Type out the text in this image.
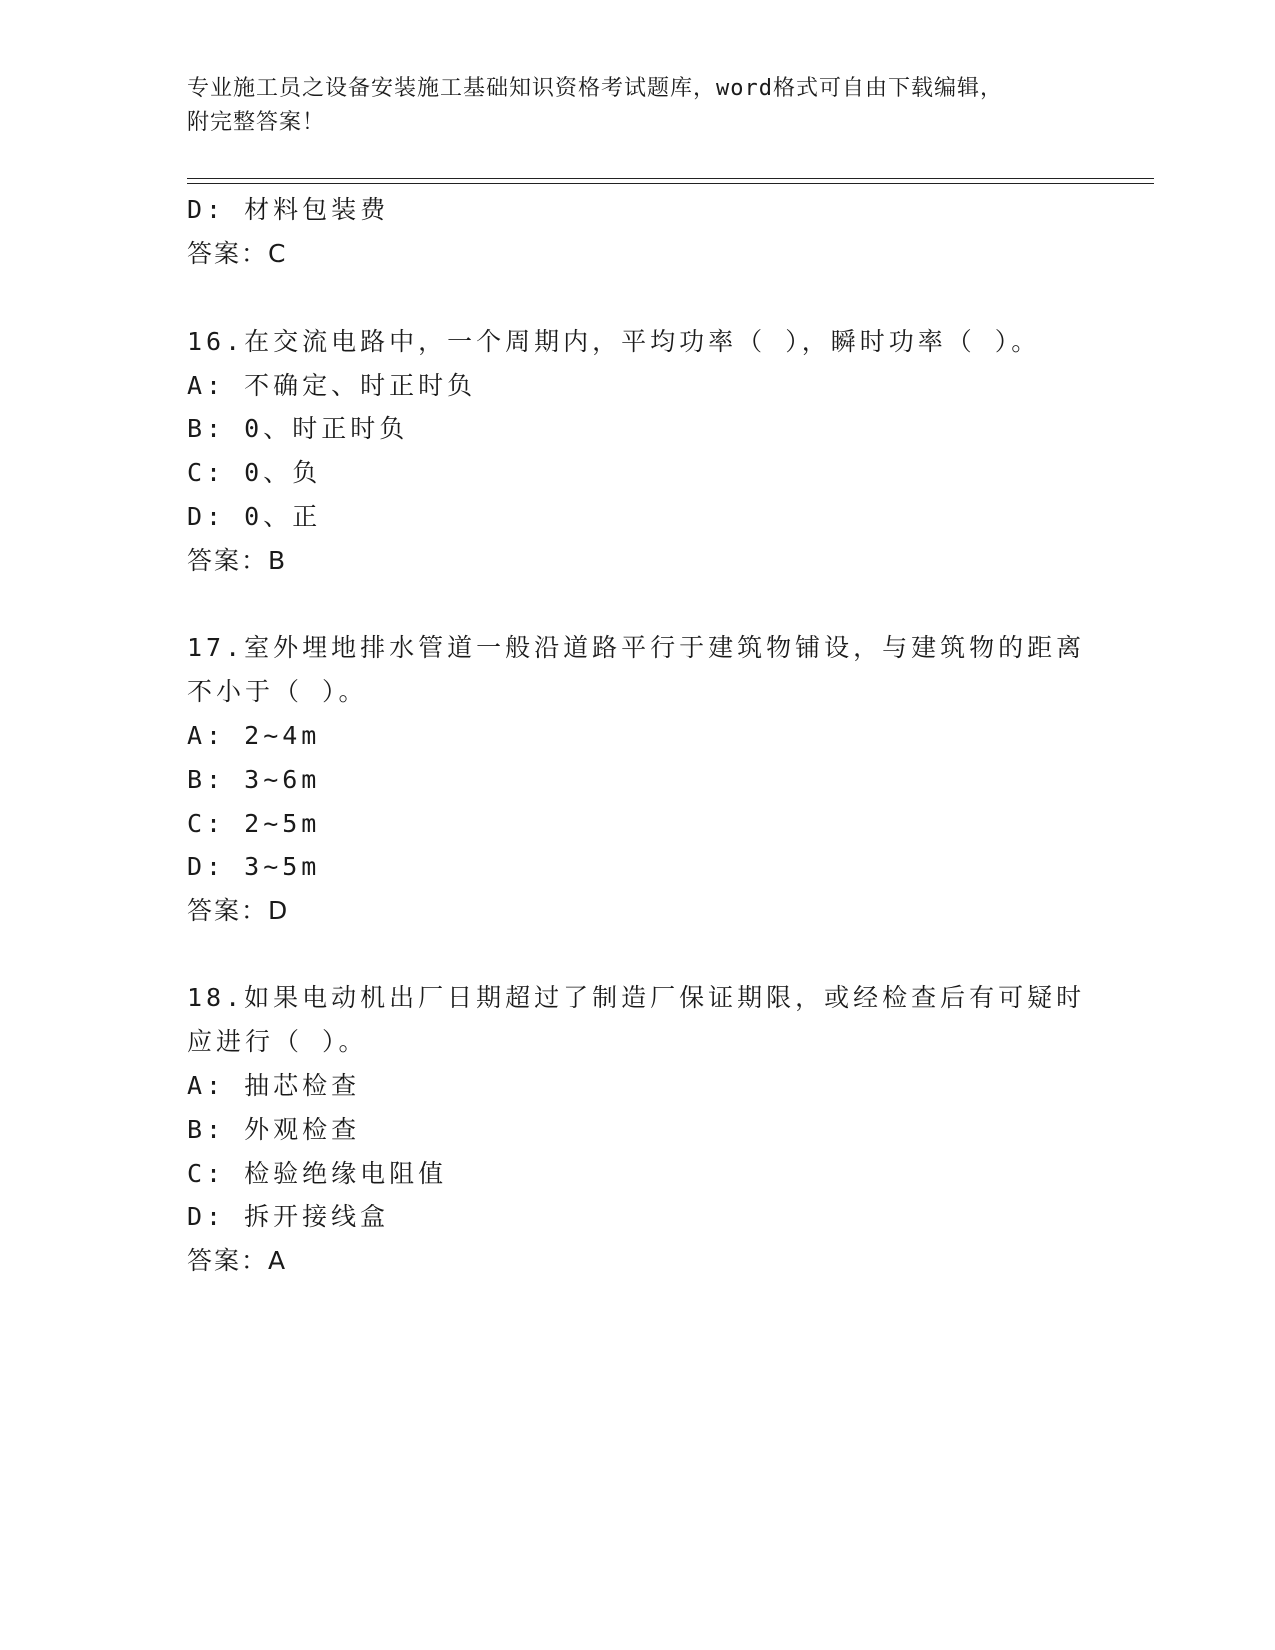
专业施工员之设备安装施工基础知识资格考试题库，word格式可自由下载编辑，
附完整答案！
D: 材料包装费
答案：C
16.在交流电路中，一个周期内，平均功率（ ），瞬时功率（ ）。
A: 不确定、时正时负
B: 0、时正时负
C: 0、负
D: 0、正
答案：B
17.室外埋地排水管道一般沿道路平行于建筑物铺设，与建筑物的距离
不小于（ ）。
A: 2~4m
B: 3~6m
C: 2~5m
D: 3~5m
答案：D
18.如果电动机出厂日期超过了制造厂保证期限，或经检查后有可疑时
应进行（ ）。
A: 抽芯检查
B: 外观检查
C: 检验绝缘电阻值
D: 拆开接线盒
答案：A
